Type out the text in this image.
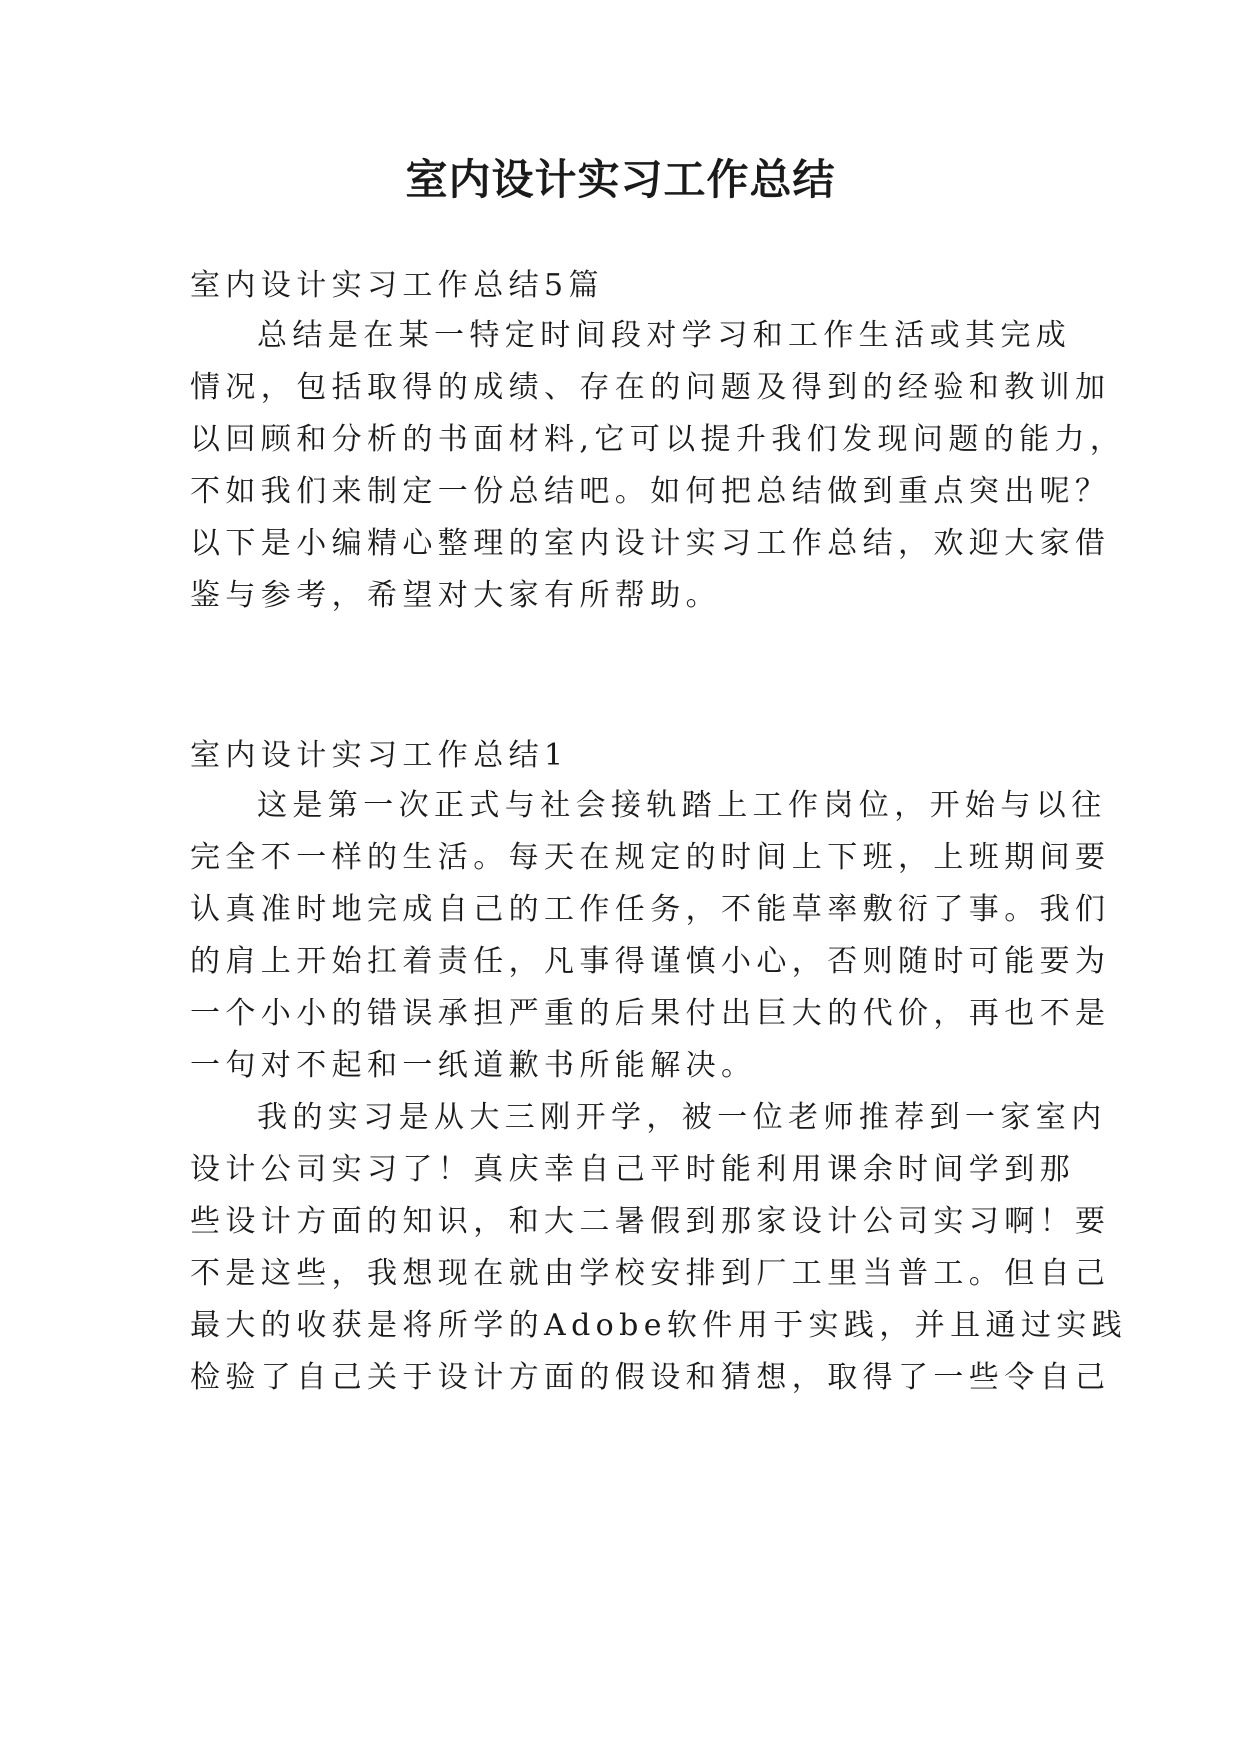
室内设计实习工作总结

室内设计实习工作总结5篇

总结是在某一特定时间段对学习和工作生活或其完成

情况，包括取得的成绩、存在的问题及得到的经验和教训加

以回顾和分析的书面材料,它可以提升我们发现问题的能力，

不如我们来制定一份总结吧。如何把总结做到重点突出呢？

以下是小编精心整理的室内设计实习工作总结，欢迎大家借

鉴与参考，希望对大家有所帮助。

室内设计实习工作总结1

这是第一次正式与社会接轨踏上工作岗位，开始与以往

完全不一样的生活。每天在规定的时间上下班，上班期间要

认真准时地完成自己的工作任务，不能草率敷衍了事。我们

的肩上开始扛着责任，凡事得谨慎小心，否则随时可能要为

一个小小的错误承担严重的后果付出巨大的代价，再也不是

一句对不起和一纸道歉书所能解决。

我的实习是从大三刚开学，被一位老师推荐到一家室内

设计公司实习了！真庆幸自己平时能利用课余时间学到那

些设计方面的知识，和大二暑假到那家设计公司实习啊！要

不是这些，我想现在就由学校安排到厂工里当普工。但自己

最大的收获是将所学的Adobe软件用于实践，并且通过实践

检验了自己关于设计方面的假设和猜想，取得了一些令自己
